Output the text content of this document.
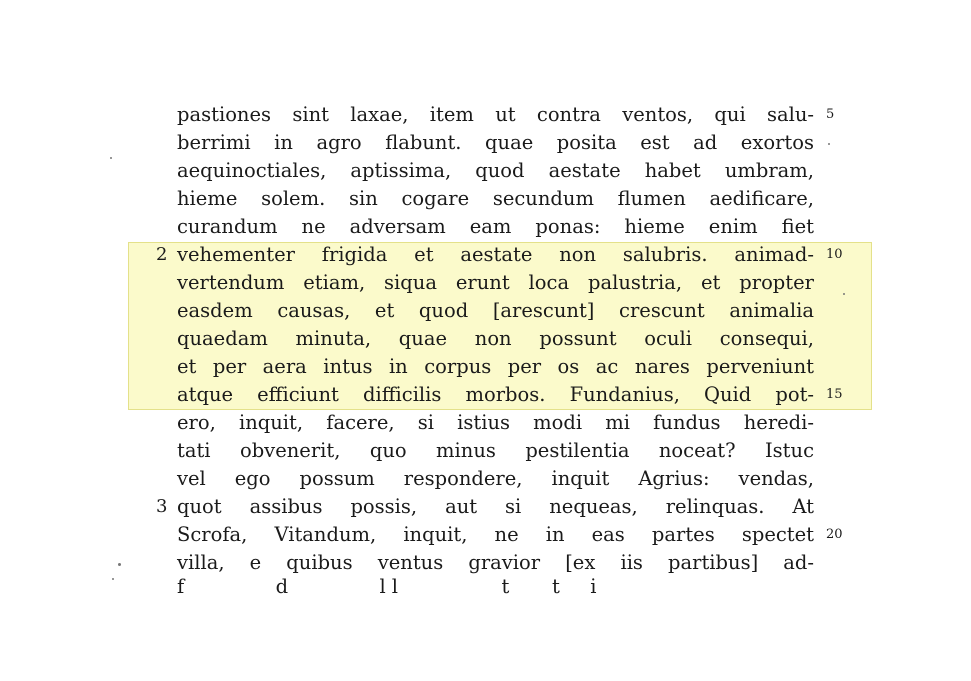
pastiones sint laxae, item ut contra ventos, qui salu- 5
berrimi in agro flabunt. quae posita est ad exortos
aequinoctiales, aptissima, quod aestate habet umbram,
hieme solem. sin cogare secundum flumen aedificare,
curandum ne adversam eam ponas: hieme enim fiet
2 vehementer frigida et aestate non salubris. animad- 10
vertendum etiam, siqua erunt loca palustria, et propter
easdem causas, et quod [arescunt] crescunt animalia
quaedam minuta, quae non possunt oculi consequi,
et per aera intus in corpus per os ac nares perveniunt
atque efficiunt difficilis morbos. Fundanius, Quid pot- 15
ero, inquit, facere, si istius modi mi fundus heredi-
tati obvenerit, quo minus pestilentia noceat? Istuc
vel ego possum respondere, inquit Agrius: vendas,
3 quot assibus possis, aut si nequeas, relinquas. At
Scrofa, Vitandum, inquit, ne in eas partes spectet 20
villa, e quibus ventus gravior [ex iis partibus] ad-
f       d       ll        t   t  i
